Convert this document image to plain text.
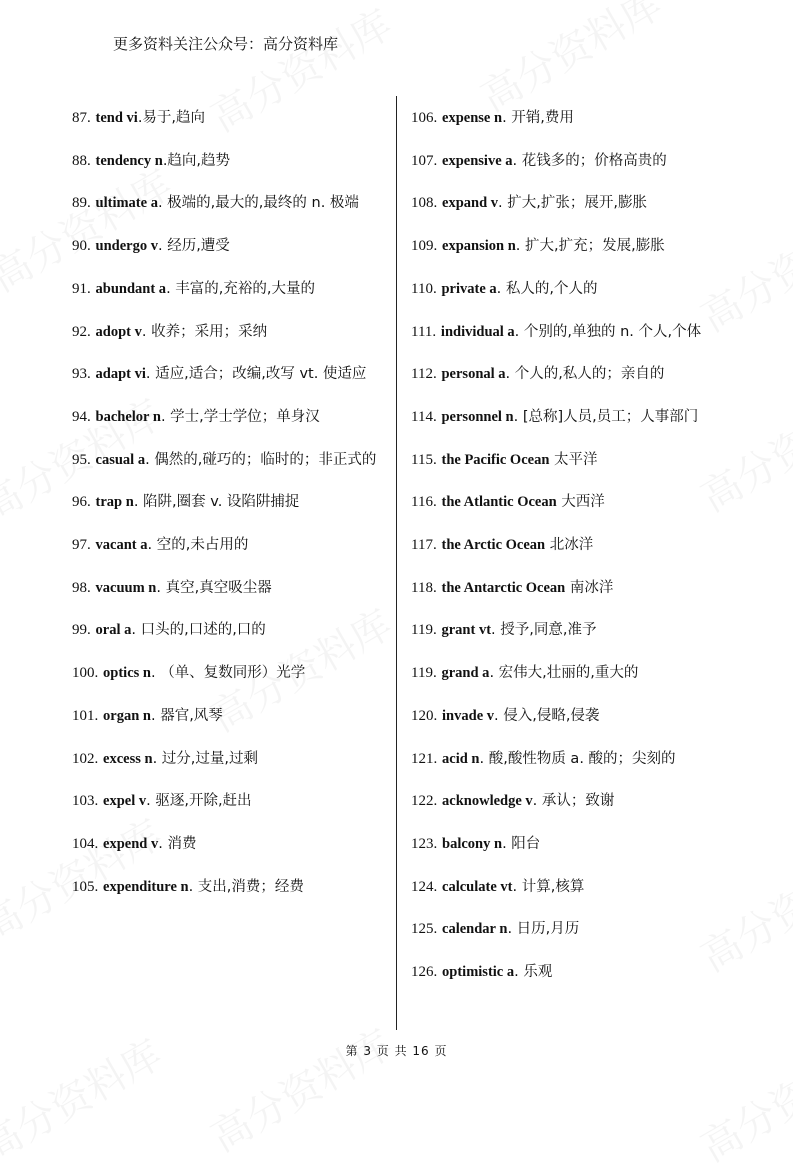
更多资料关注公众号：高分资料库
87. tend vi.易于,趋向
88. tendency n.趋向,趋势
89. ultimate a. 极端的,最大的,最终的 n. 极端
90. undergo v. 经历,遭受
91. abundant a. 丰富的,充裕的,大量的
92. adopt v. 收养；采用；采纳
93. adapt vi. 适应,适合；改编,改写 vt. 使适应
94. bachelor n. 学士,学士学位；单身汉
95. casual a. 偶然的,碰巧的；临时的；非正式的
96. trap n. 陷阱,圈套 v. 设陷阱捕捉
97. vacant a. 空的,未占用的
98. vacuum n. 真空,真空吸尘器
99. oral a. 口头的,口述的,口的
100. optics n. （单、复数同形）光学
101. organ n. 器官,风琴
102. excess n. 过分,过量,过剩
103. expel v. 驱逐,开除,赶出
104. expend v. 消费
105. expenditure n. 支出,消费；经费
106. expense n. 开销,费用
107. expensive a. 花钱多的；价格高贵的
108. expand v. 扩大,扩张；展开,膨胀
109. expansion n. 扩大,扩充；发展,膨胀
110. private a. 私人的,个人的
111. individual a. 个别的,单独的 n. 个人,个体
112. personal a. 个人的,私人的；亲自的
114. personnel n. [总称]人员,员工；人事部门
115. the Pacific Ocean 太平洋
116. the Atlantic Ocean 大西洋
117. the Arctic Ocean 北冰洋
118. the Antarctic Ocean 南冰洋
119. grant vt. 授予,同意,准予
119. grand a. 宏伟大,壮丽的,重大的
120. invade v. 侵入,侵略,侵袭
121. acid n. 酸,酸性物质 a. 酸的；尖刻的
122. acknowledge v. 承认；致谢
123. balcony n. 阳台
124. calculate vt. 计算,核算
125. calendar n. 日历,月历
126. optimistic a. 乐观
第 3 页 共 16 页
